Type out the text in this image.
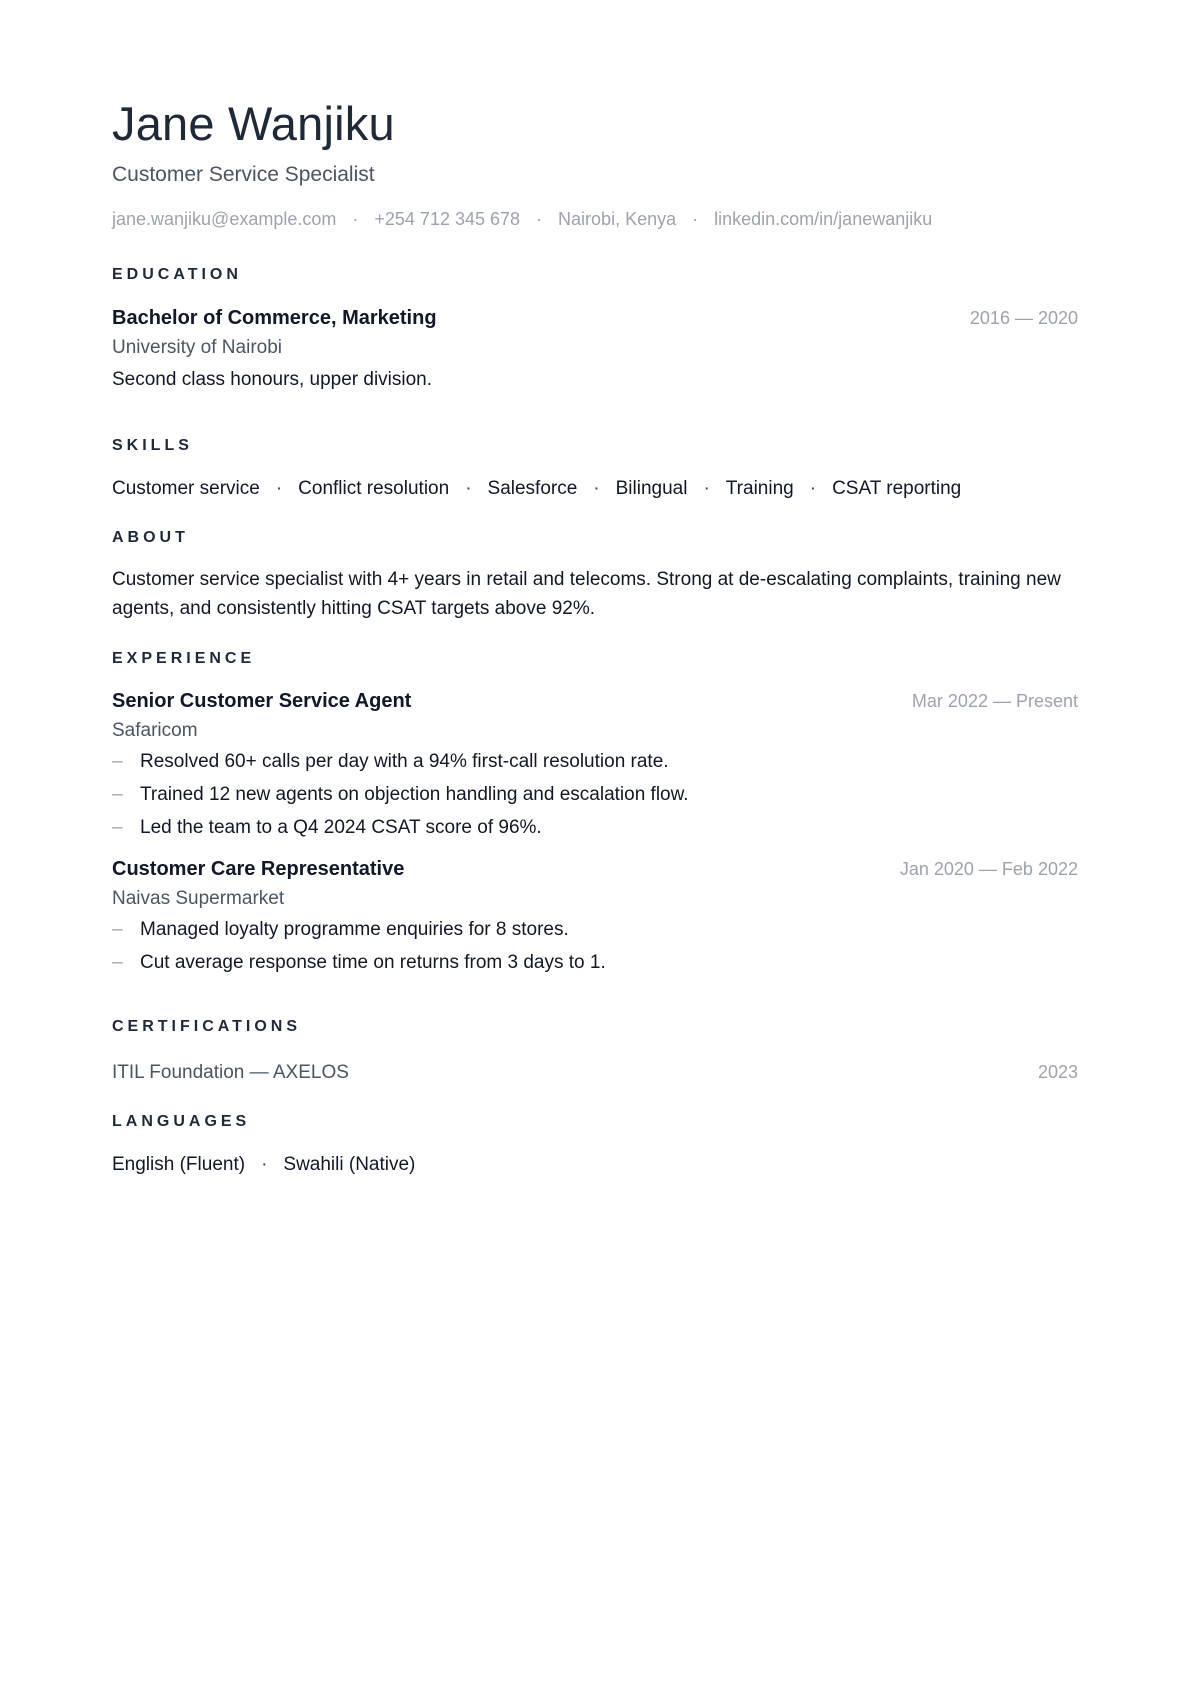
Jane Wanjiku
Customer Service Specialist
jane.wanjiku@example.com · +254 712 345 678 · Nairobi, Kenya · linkedin.com/in/janewanjiku
EDUCATION
Bachelor of Commerce, Marketing	2016 — 2020
University of Nairobi
Second class honours, upper division.
SKILLS
Customer service · Conflict resolution · Salesforce · Bilingual · Training · CSAT reporting
ABOUT

Customer service specialist with 4+ years in retail and telecoms. Strong at de-escalating complaints, training new agents, and consistently hitting CSAT targets above 92%.

EXPERIENCE
Senior Customer Service Agent	Mar 2022 — Present
Safaricom
– Resolved 60+ calls per day with a 94% first-call resolution rate.
– Trained 12 new agents on objection handling and escalation flow.
– Led the team to a Q4 2024 CSAT score of 96%.
Customer Care Representative	Jan 2020 — Feb 2022
Naivas Supermarket
– Managed loyalty programme enquiries for 8 stores.
– Cut average response time on returns from 3 days to 1.
CERTIFICATIONS
ITIL Foundation — AXELOS	2023
LANGUAGES
English (Fluent) · Swahili (Native)
